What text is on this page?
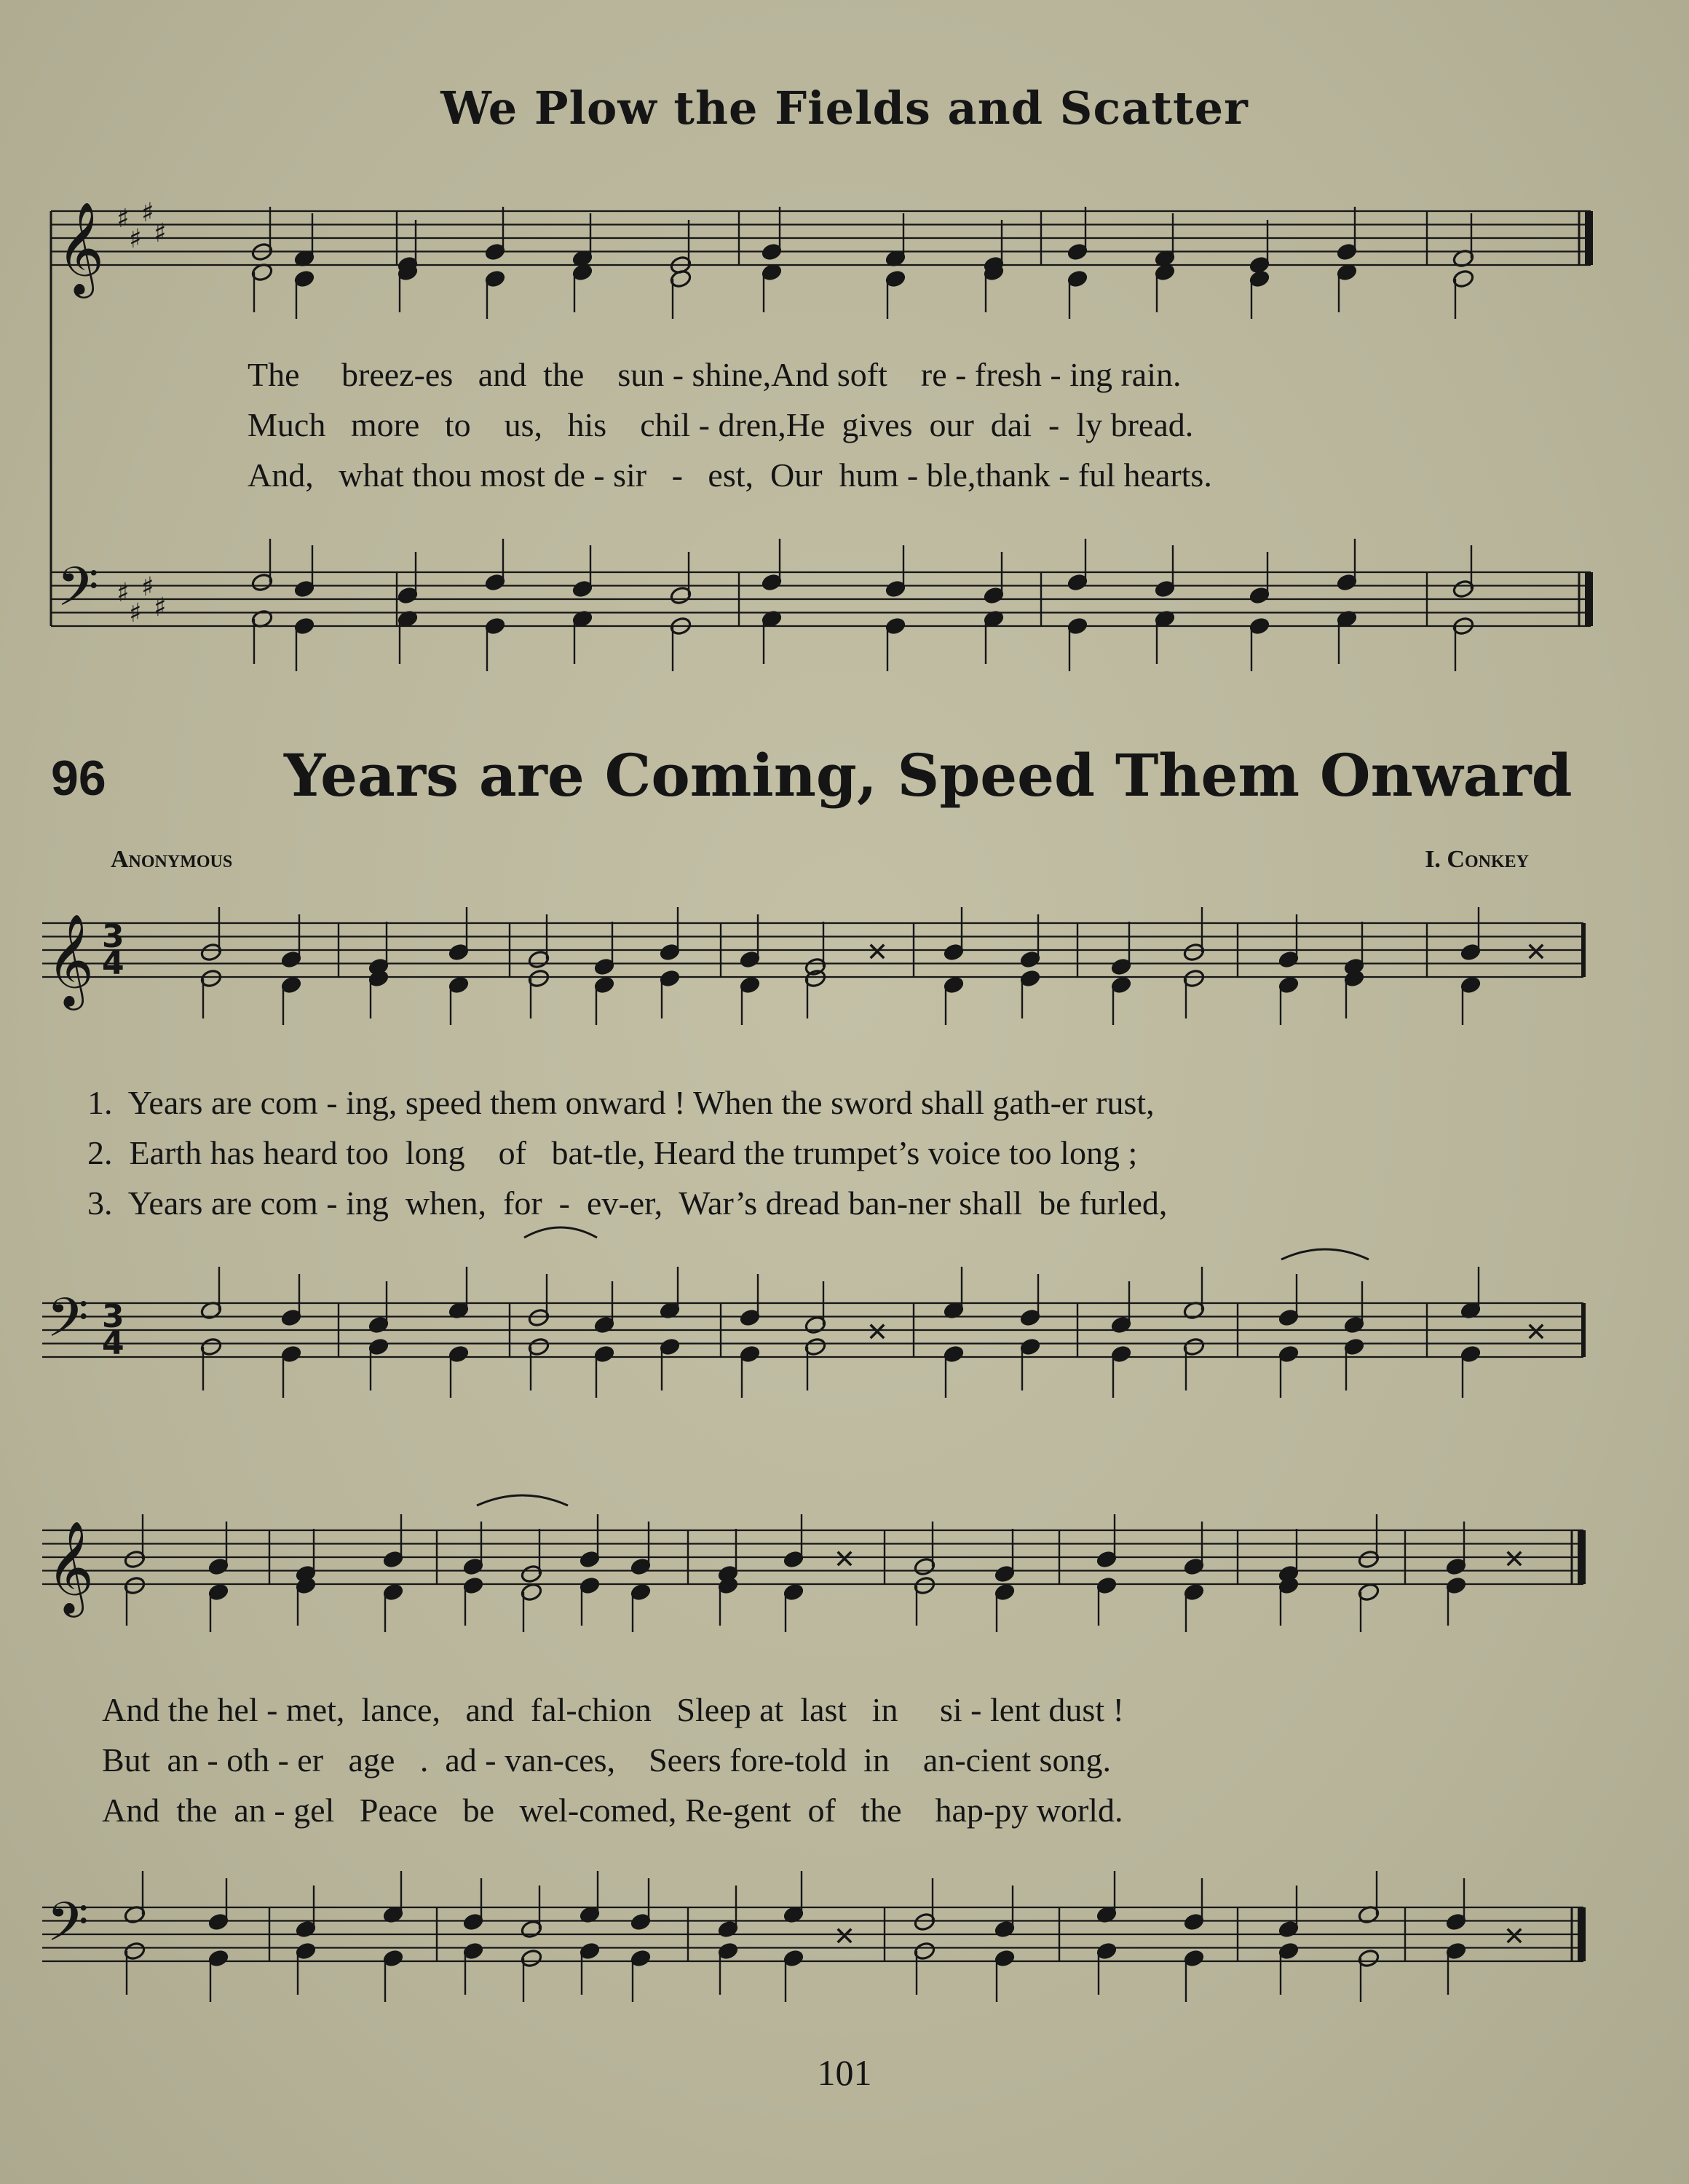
We Plow the Fields and Scatter
The     breez-es   and  the    sun - shine,And soft    re - fresh - ing rain.
Much   more   to    us,   his    chil - dren,He  gives  our  dai  -  ly bread.
And,   what thou most de - sir   -   est,  Our  hum - ble,thank - ful hearts.
96	Years are Coming, Speed Them Onward
Anonymous	I. Conkey
1.  Years are com - ing, speed them onward ! When the sword shall gath-er rust,
2.  Earth has heard too  long    of   bat-tle, Heard the trumpet’s voice too long ;
3.  Years are com - ing  when,  for  -  ev-er,  War’s dread ban-ner shall  be furled,
And the hel - met,  lance,   and  fal-chion   Sleep at  last   in     si - lent dust !
But  an - oth - er   age   .  ad - van-ces,    Seers fore-told  in    an-cient song.
And  the  an - gel   Peace   be   wel-comed, Re-gent  of   the    hap-py world.
101
𝄞
𝄢
♯
♯
♯
♯
♯
♯
♯
♯
𝄞
𝄢
3
4
3
4
✕
✕
✕
✕
𝄞
𝄢
✕
✕
✕
✕
